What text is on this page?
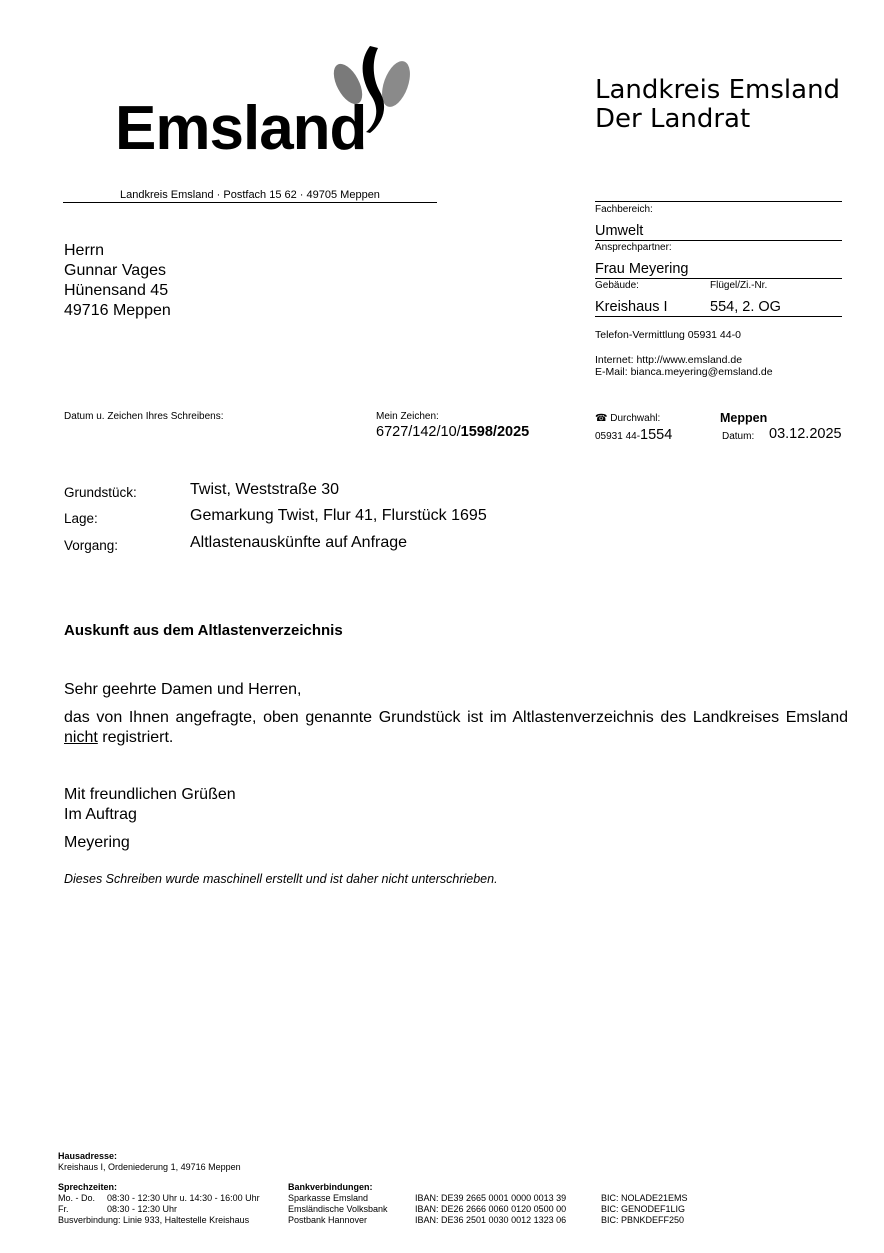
Emsland
Landkreis Emsland
Der Landrat
Landkreis Emsland · Postfach 15 62 · 49705 Meppen
Herrn
Gunnar Vages
Hünensand 45
49716 Meppen
Fachbereich:
Umwelt
Ansprechpartner:
Frau Meyering
Gebäude:	Flügel/Zi.-Nr.
Kreishaus I	554, 2. OG
Telefon-Vermittlung 05931 44-0
Internet: http://www.emsland.de
E-Mail: bianca.meyering@emsland.de
Datum u. Zeichen Ihres Schreibens:	Mein Zeichen:
6727/142/10/1598/2025
☎ Durchwahl:
05931 44-1554
Meppen
Datum: 03.12.2025
Grundstück:	Twist, Weststraße 30
Lage:	Gemarkung Twist, Flur 41, Flurstück 1695
Vorgang:	Altlastenauskünfte auf Anfrage
Auskunft aus dem Altlastenverzeichnis
Sehr geehrte Damen und Herren,
das von Ihnen angefragte, oben genannte Grundstück ist im Altlastenverzeichnis des Landkreises Emsland nicht registriert.
Mit freundlichen Grüßen
Im Auftrag
Meyering
Dieses Schreiben wurde maschinell erstellt und ist daher nicht unterschrieben.
Hausadresse:
Kreishaus I, Ordeniederung 1, 49716 Meppen
Sprechzeiten:
Mo. - Do. 08:30 - 12:30 Uhr u. 14:30 - 16:00 Uhr
Fr.	08:30 - 12:30 Uhr
Busverbindung: Linie 933, Haltestelle Kreishaus
Bankverbindungen:
Sparkasse Emsland	IBAN: DE39 2665 0001 0000 0013 39	BIC: NOLADE21EMS
Emsländische Volksbank	IBAN: DE26 2666 0060 0120 0500 00	BIC: GENODEF1LIG
Postbank Hannover	IBAN: DE36 2501 0030 0012 1323 06	BIC: PBNKDEFF250
